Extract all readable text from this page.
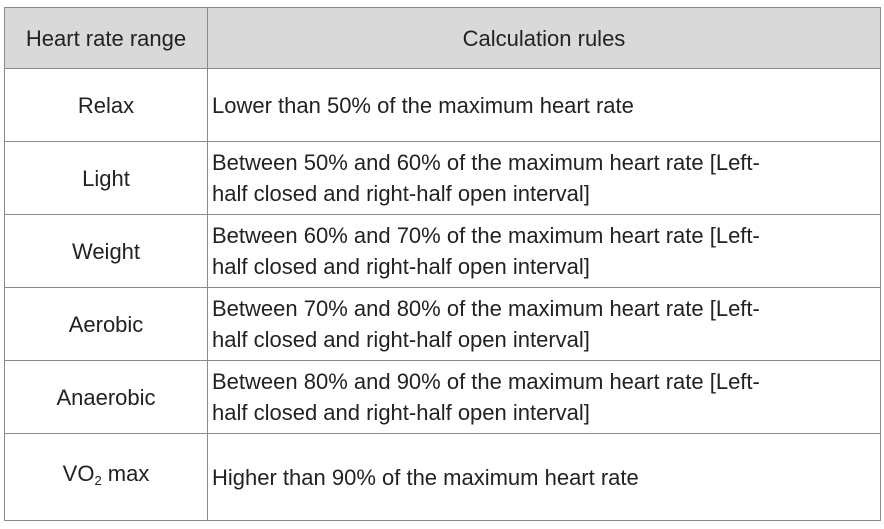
Heart rate range	Calculation rules
Relax	Lower than 50% of the maximum heart rate
Light	Between 50% and 60% of the maximum heart rate [Left-
half closed and right-half open interval]
Weight	Between 60% and 70% of the maximum heart rate [Left-
half closed and right-half open interval]
Aerobic	Between 70% and 80% of the maximum heart rate [Left-
half closed and right-half open interval]
Anaerobic	Between 80% and 90% of the maximum heart rate [Left-
half closed and right-half open interval]
$VO_2$ max	Higher than 90% of the maximum heart rate
